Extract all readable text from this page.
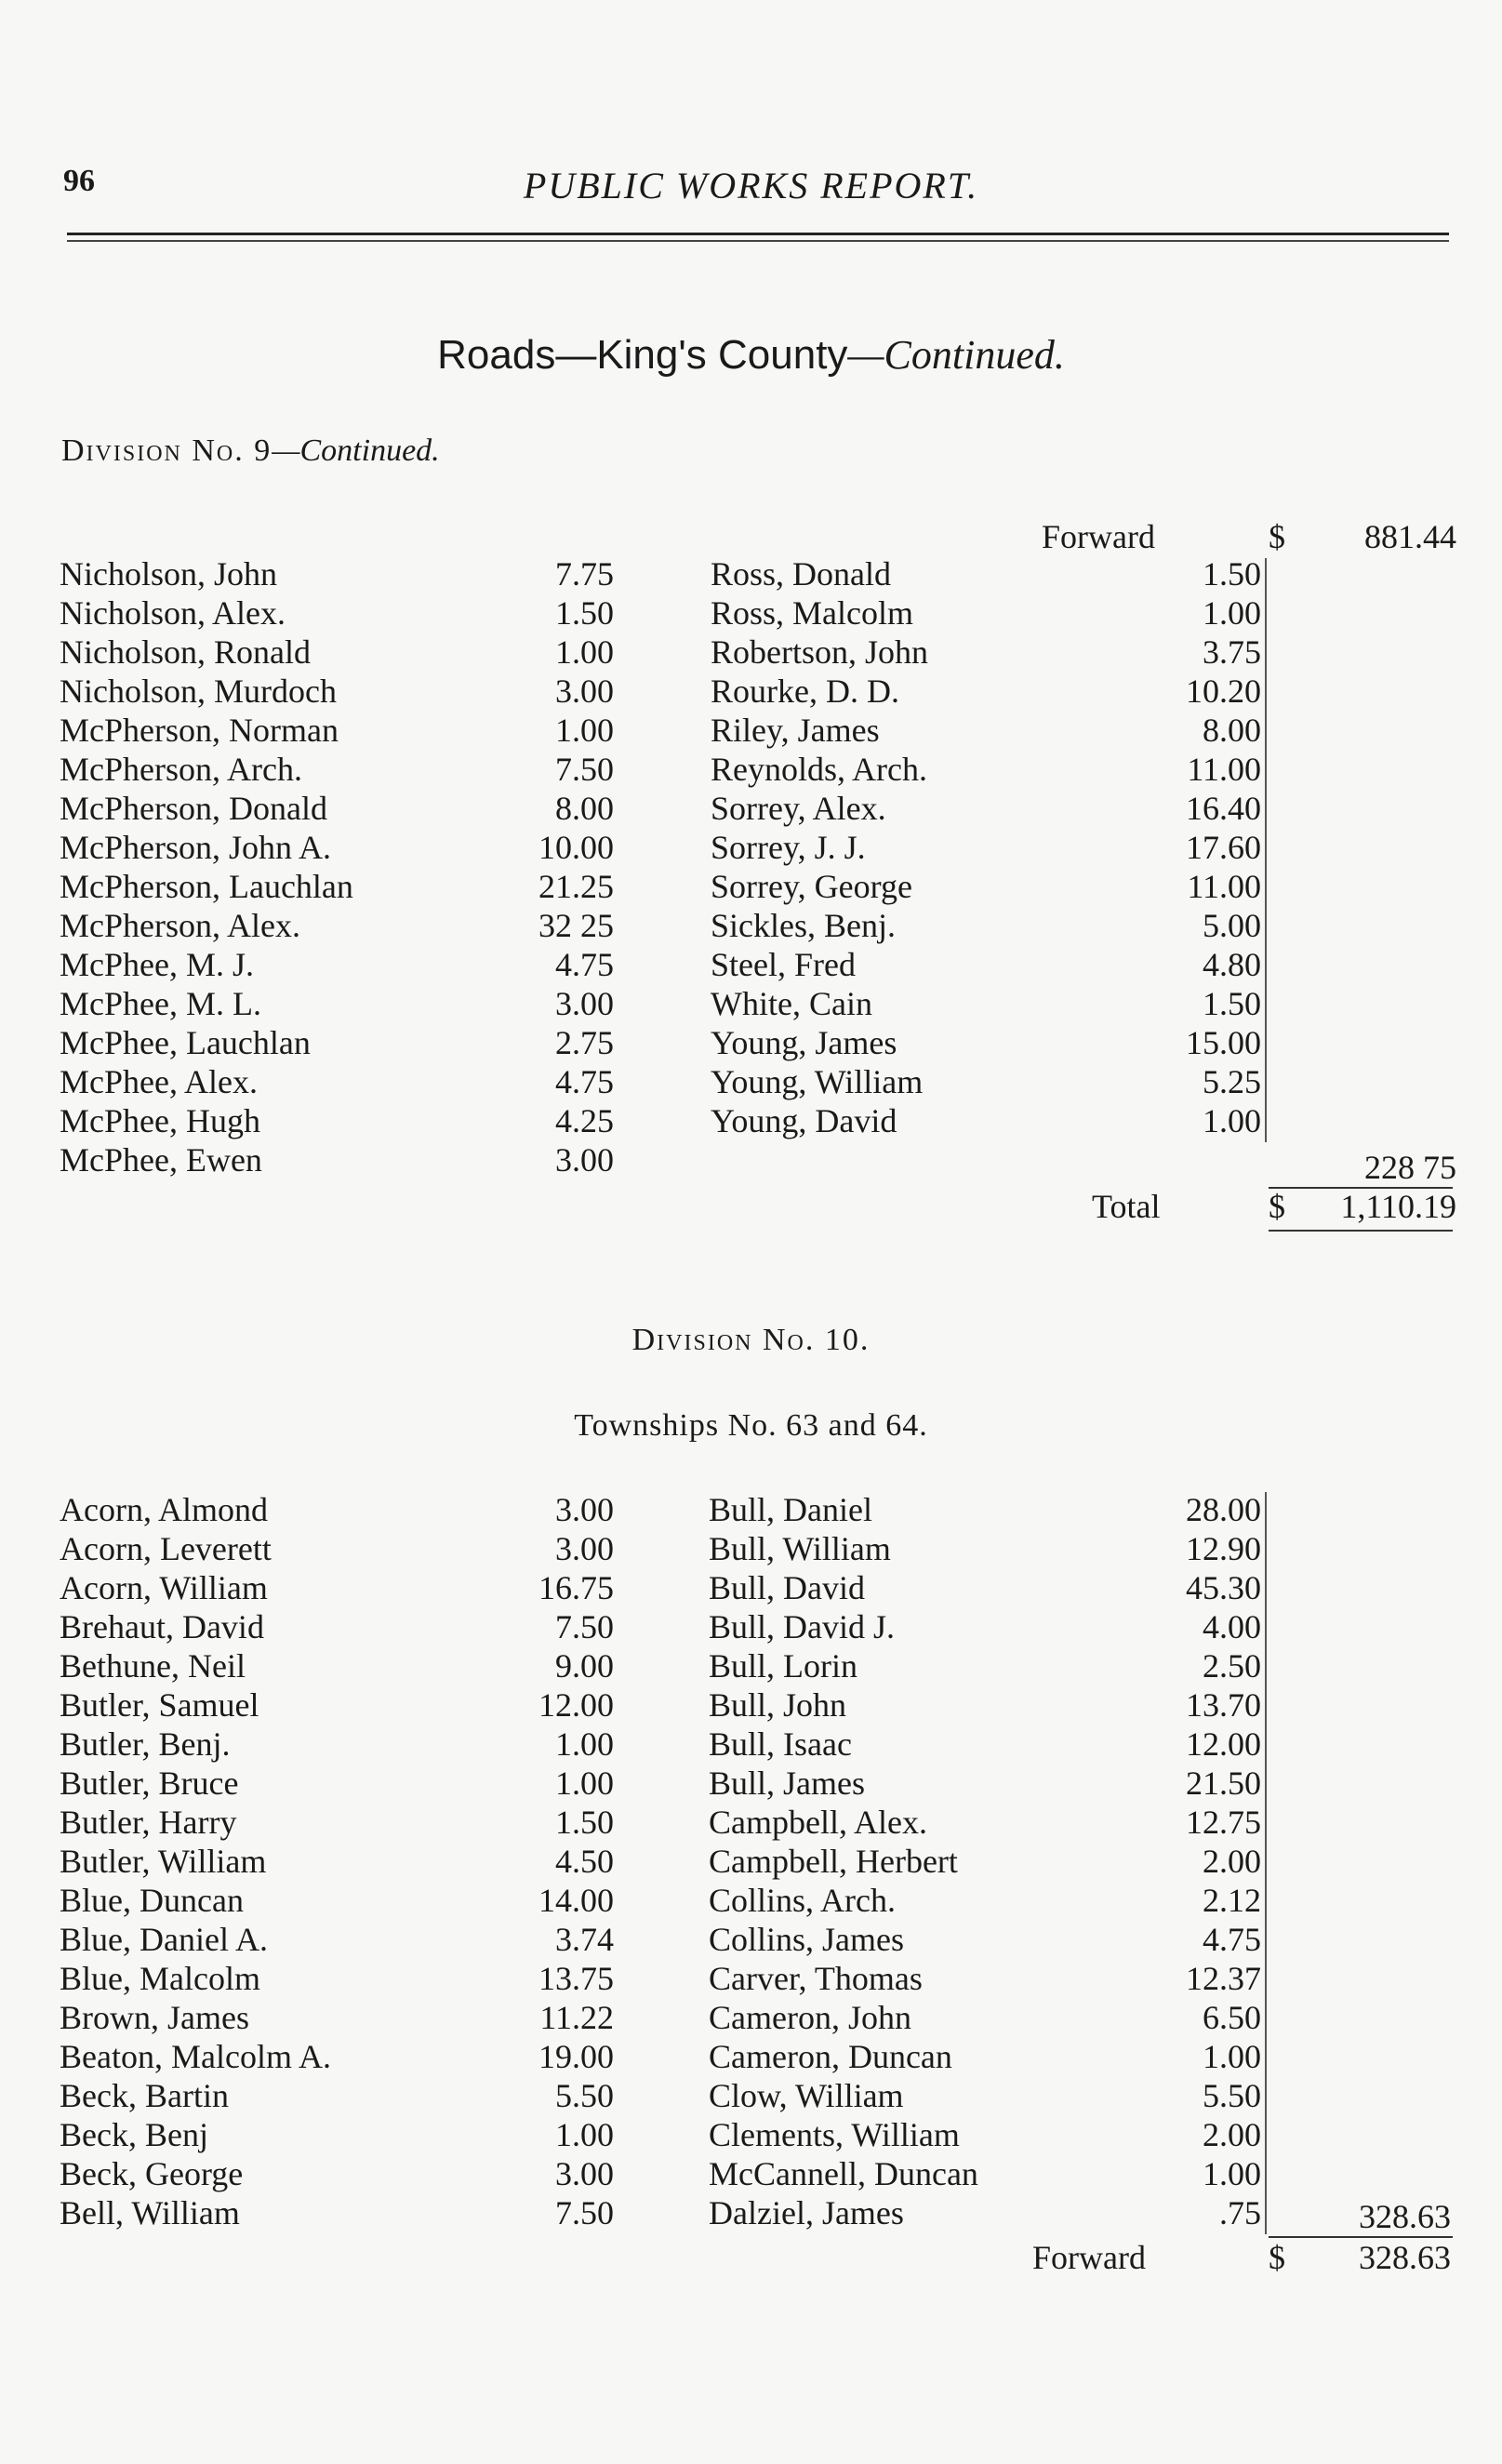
96	PUBLIC WORKS REPORT.
Roads—King's County—Continued.
Division No. 9—Continued.
Forward	$	881.44
Nicholson, John	7.75
Nicholson, Alex.	1.50
Nicholson, Ronald	1.00
Nicholson, Murdoch	3.00
McPherson, Norman	1.00
McPherson, Arch.	7.50
McPherson, Donald	8.00
McPherson, John A.	10.00
McPherson, Lauchlan	21.25
McPherson, Alex.	32 25
McPhee, M. J.	4.75
McPhee, M. L.	3.00
McPhee, Lauchlan	2.75
McPhee, Alex.	4.75
McPhee, Hugh	4.25
McPhee, Ewen	3.00
Ross, Donald	1.50
Ross, Malcolm	1.00
Robertson, John	3.75
Rourke, D. D.	10.20
Riley, James	8.00
Reynolds, Arch.	11.00
Sorrey, Alex.	16.40
Sorrey, J. J.	17.60
Sorrey, George	11.00
Sickles, Benj.	5.00
Steel, Fred	4.80
White, Cain	1.50
Young, James	15.00
Young, William	5.25
Young, David	1.00
228 75
Total	$	1,110.19
Division No. 10.
Townships No. 63 and 64.
Acorn, Almond	3.00
Acorn, Leverett	3.00
Acorn, William	16.75
Brehaut, David	7.50
Bethune, Neil	9.00
Butler, Samuel	12.00
Butler, Benj.	1.00
Butler, Bruce	1.00
Butler, Harry	1.50
Butler, William	4.50
Blue, Duncan	14.00
Blue, Daniel A.	3.74
Blue, Malcolm	13.75
Brown, James	11.22
Beaton, Malcolm A.	19.00
Beck, Bartin	5.50
Beck, Benj	1.00
Beck, George	3.00
Bell, William	7.50
Bull, Daniel	28.00
Bull, William	12.90
Bull, David	45.30
Bull, David J.	4.00
Bull, Lorin	2.50
Bull, John	13.70
Bull, Isaac	12.00
Bull, James	21.50
Campbell, Alex.	12.75
Campbell, Herbert	2.00
Collins, Arch.	2.12
Collins, James	4.75
Carver, Thomas	12.37
Cameron, John	6.50
Cameron, Duncan	1.00
Clow, William	5.50
Clements, William	2.00
McCannell, Duncan	1.00
Dalziel, James	.75	328.63
Forward	$	328.63
